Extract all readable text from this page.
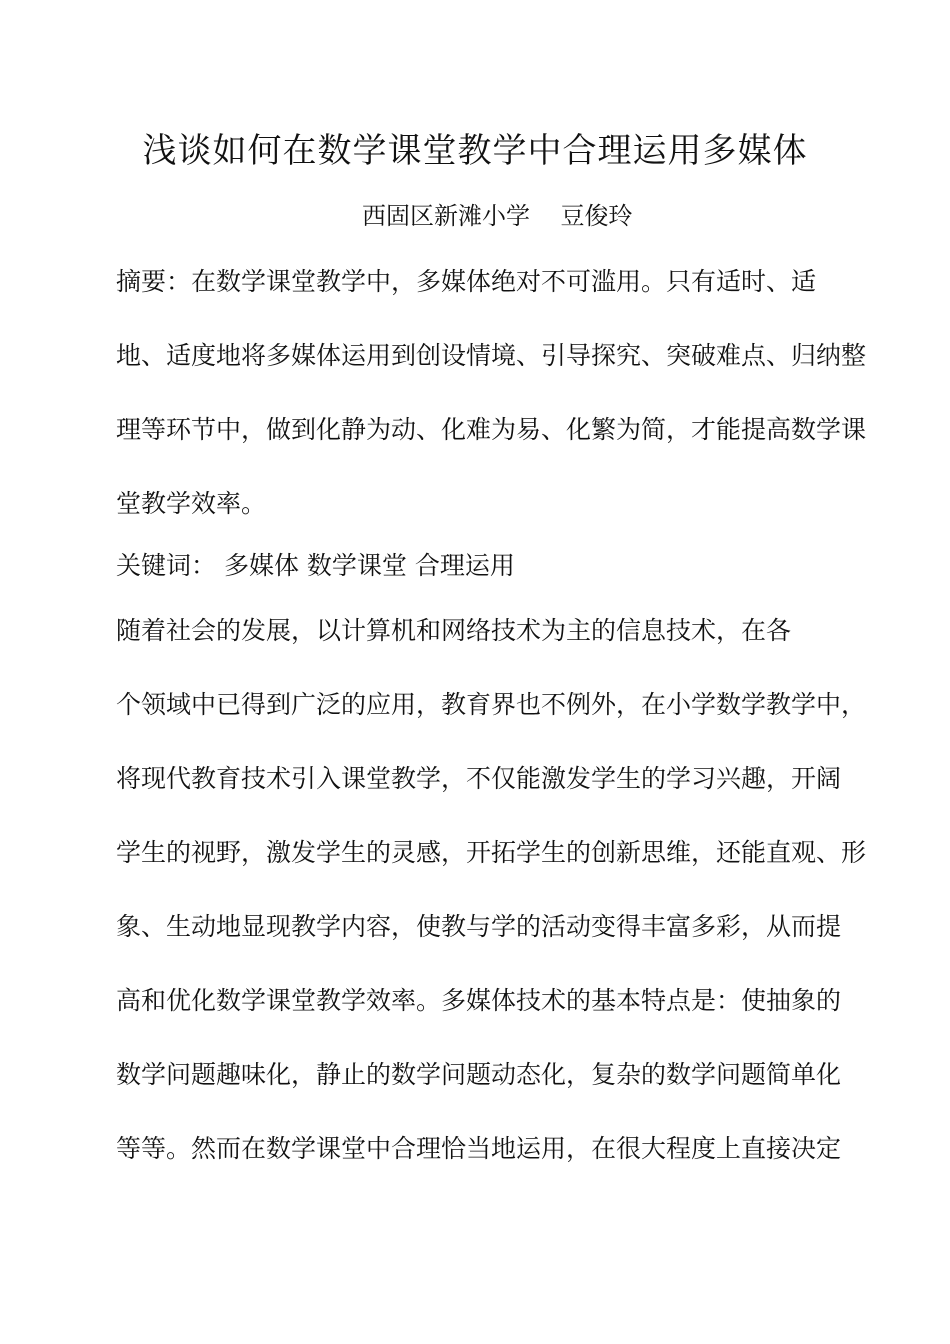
浅谈如何在数学课堂教学中合理运用多媒体
西固区新滩小学    豆俊玲
摘要：在数学课堂教学中，多媒体绝对不可滥用。只有适时、适
地、适度地将多媒体运用到创设情境、引导探究、突破难点、归纳整
理等环节中，做到化静为动、化难为易、化繁为简，才能提高数学课
堂教学效率。
关键词： 多媒体 数学课堂 合理运用
随着社会的发展，以计算机和网络技术为主的信息技术，在各
个领域中已得到广泛的应用，教育界也不例外，在小学数学教学中，
将现代教育技术引入课堂教学，不仅能激发学生的学习兴趣，开阔
学生的视野，激发学生的灵感，开拓学生的创新思维，还能直观、形
象、生动地显现教学内容，使教与学的活动变得丰富多彩，从而提
高和优化数学课堂教学效率。多媒体技术的基本特点是：使抽象的
数学问题趣味化，静止的数学问题动态化，复杂的数学问题简单化
等等。然而在数学课堂中合理恰当地运用，在很大程度上直接决定
